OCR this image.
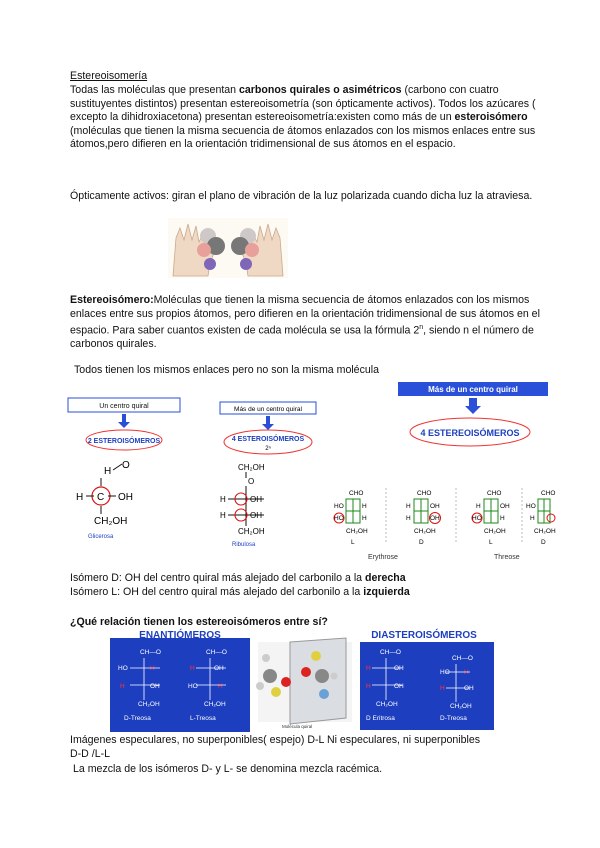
Estereoisomería
Todas las moléculas que presentan carbonos quirales o asimétricos (carbono con cuatro sustituyentes distintos) presentan estereoisometría (son ópticamente activos). Todos los azúcares ( excepto la dihidroxiacetona) presentan estereoisometría:existen como más de un esteroisómero (moléculas que tienen la misma secuencia de átomos enlazados con los mismos enlaces entre sus átomos,pero difieren en la orientación tridimensional de sus átomos en el espacio.
Ópticamente activos: giran el plano de vibración de la luz polarizada cuando dicha luz la atraviesa.
Estereoisómero:Moléculas que tienen la misma secuencia de átomos enlazados con los mismos enlaces entre sus propios átomos, pero difieren en la orientación tridimensional de sus átomos en el espacio. Para saber cuantos existen de cada molécula se usa la fórmula 2$^n$, siendo n el número de carbonos quirales.
Todos tienen los mismos enlaces pero no son la misma molécula
Un centro quiral
2 ESTEROISÓMEROS
H
O
H C OH
CH₂OH
Glicerosa
Más de un centro quiral
4 ESTEROISÓMEROS
2ⁿ
CH₂OH
O
H	OH
H	OH
CH₂OH
Ribulosa
Más de un centro quiral
4 ESTEREOISÓMEROS
CHO
HO	H
HO	H
CH₂OH
L
CHO
H	OH
H	OH
CH₂OH
D
CHO
H	OH
HO	H
CH₂OH
L
CHO
HO
H
CH₂OH
D
Erythrose	Threose
Isómero D: OH del centro quiral más alejado del carbonilo a la derecha
Isómero L: OH del centro quiral más alejado del carbonilo a la izquierda
¿Qué relación tienen los estereoisómeros entre sí?
ENANTIÓMEROS
CH—O
HO	H
H	OH
CH₂OH
D-Treosa
CH—O
H	OH
HO	H
CH₂OH
L-Treosa
Molécula quiral
DIASTEROISÓMEROS
CH—O
H	OH
H	OH
CH₂OH
D Eritrosa
CH—O
HO H
H	OH
CH₂OH
D-Treosa
Imágenes especulares, no superponibles( espejo) D-L Ni especulares, ni superponibles
D-D /L-L
La mezcla de los isómeros D- y L- se denomina mezcla racémica.
